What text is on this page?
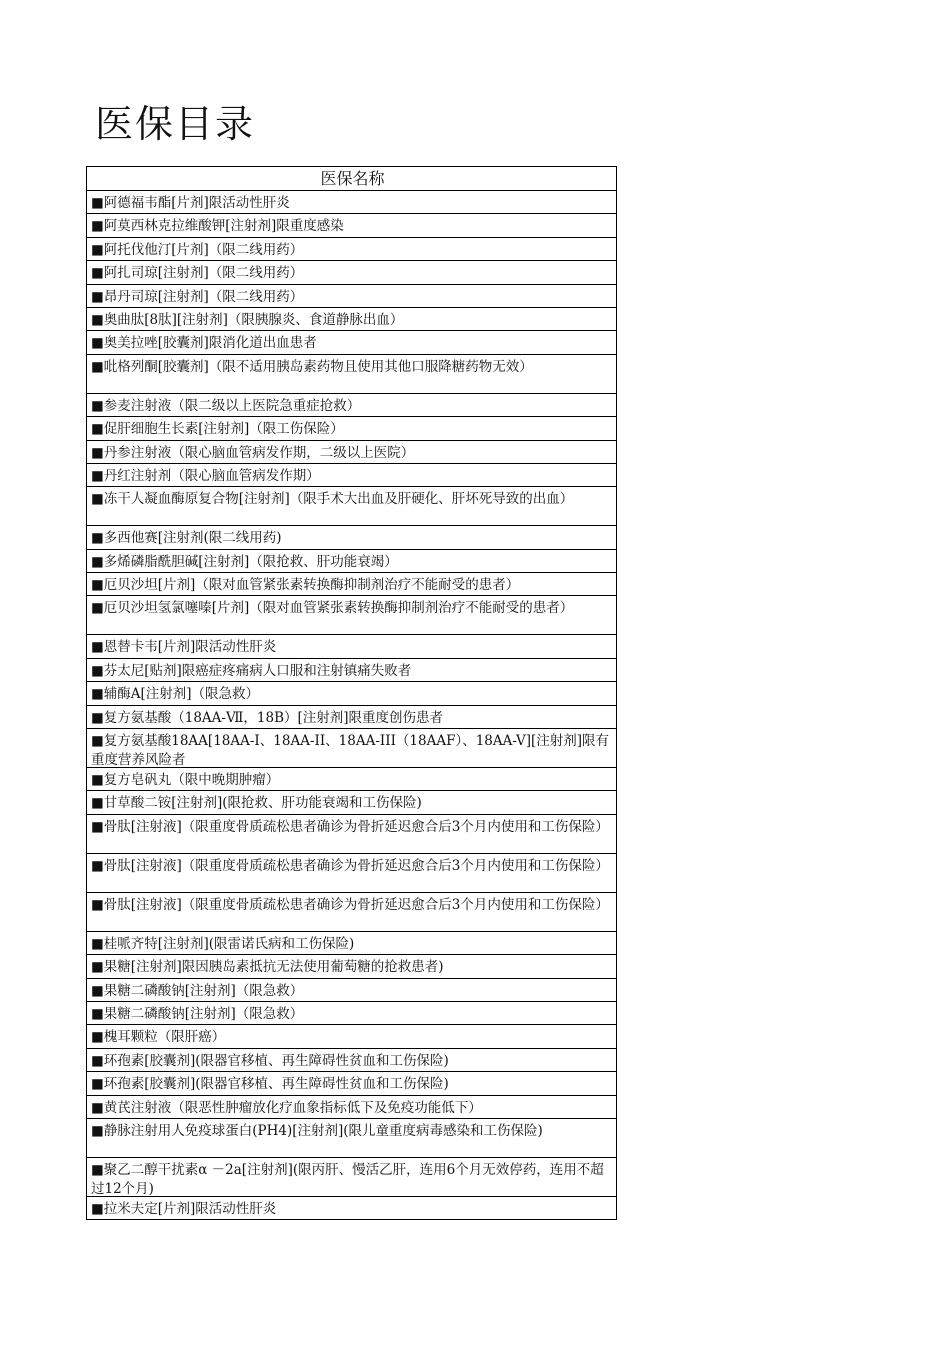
医保目录
医保名称
■阿德福韦酯[片剂]限活动性肝炎
■阿莫西林克拉维酸钾[注射剂]限重度感染
■阿托伐他汀[片剂]（限二线用药）
■阿扎司琼[注射剂]（限二线用药）
■昂丹司琼[注射剂]（限二线用药）
■奥曲肽[8肽][注射剂]（限胰腺炎、食道静脉出血）
■奥美拉唑[胶囊剂]限消化道出血患者
■吡格列酮[胶囊剂]（限不适用胰岛素药物且使用其他口服降糖药物无效）
■参麦注射液（限二级以上医院急重症抢救）
■促肝细胞生长素[注射剂]（限工伤保险）
■丹参注射液（限心脑血管病发作期，二级以上医院）
■丹红注射剂（限心脑血管病发作期）
■冻干人凝血酶原复合物[注射剂]（限手术大出血及肝硬化、肝坏死导致的出血）
■多西他赛[注射剂(限二线用药)
■多烯磷脂酰胆碱[注射剂]（限抢救、肝功能衰竭）
■厄贝沙坦[片剂]（限对血管紧张素转换酶抑制剂治疗不能耐受的患者）
■厄贝沙坦氢氯噻嗪[片剂]（限对血管紧张素转换酶抑制剂治疗不能耐受的患者）
■恩替卡韦[片剂]限活动性肝炎
■芬太尼[贴剂]限癌症疼痛病人口服和注射镇痛失败者
■辅酶A[注射剂]（限急救）
■复方氨基酸（18AA-Ⅶ，18B）[注射剂]限重度创伤患者
■复方氨基酸18AA[18AA-I、18AA-II、18AA-III（18AAF）、18AA-V][注射剂]限有重度营养风险者
■复方皂矾丸（限中晚期肿瘤）
■甘草酸二铵[注射剂](限抢救、肝功能衰竭和工伤保险)
■骨肽[注射液]（限重度骨质疏松患者确诊为骨折延迟愈合后3个月内使用和工伤保险）
■骨肽[注射液]（限重度骨质疏松患者确诊为骨折延迟愈合后3个月内使用和工伤保险）
■骨肽[注射液]（限重度骨质疏松患者确诊为骨折延迟愈合后3个月内使用和工伤保险）
■桂哌齐特[注射剂](限雷诺氏病和工伤保险)
■果糖[注射剂]限因胰岛素抵抗无法使用葡萄糖的抢救患者)
■果糖二磷酸钠[注射剂]（限急救）
■果糖二磷酸钠[注射剂]（限急救）
■槐耳颗粒（限肝癌）
■环孢素[胶囊剂](限器官移植、再生障碍性贫血和工伤保险)
■环孢素[胶囊剂](限器官移植、再生障碍性贫血和工伤保险)
■黄芪注射液（限恶性肿瘤放化疗血象指标低下及免疫功能低下）
■静脉注射用人免疫球蛋白(PH4)[注射剂](限儿童重度病毒感染和工伤保险)
■聚乙二醇干扰素α －2a[注射剂](限丙肝、慢活乙肝，连用6个月无效停药，连用不超过12个月)
■拉米夫定[片剂]限活动性肝炎
